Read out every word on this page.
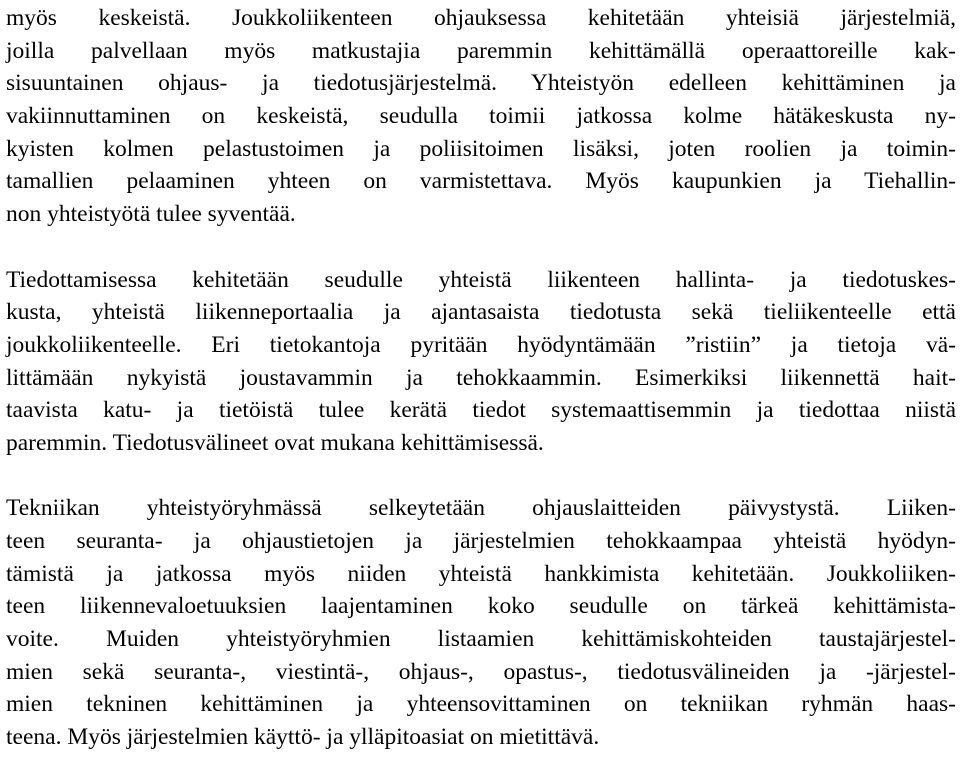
myös keskeistä. Joukkoliikenteen ohjauksessa kehitetään yhteisiä järjestelmiä,
joilla palvellaan myös matkustajia paremmin kehittämällä operaattoreille kak-
sisuuntainen ohjaus- ja tiedotusjärjestelmä. Yhteistyön edelleen kehittäminen ja
vakiinnuttaminen on keskeistä, seudulla toimii jatkossa kolme hätäkeskusta ny-
kyisten kolmen pelastustoimen ja poliisitoimen lisäksi, joten roolien ja toimin-
tamallien pelaaminen yhteen on varmistettava. Myös kaupunkien ja Tiehallin-
non yhteistyötä tulee syventää.
Tiedottamisessa kehitetään seudulle yhteistä liikenteen hallinta- ja tiedotuskes-
kusta, yhteistä liikenneportaalia ja ajantasaista tiedotusta sekä tieliikenteelle että
joukkoliikenteelle. Eri tietokantoja pyritään hyödyntämään ”ristiin” ja tietoja vä-
littämään nykyistä joustavammin ja tehokkaammin. Esimerkiksi liikennettä hait-
taavista katu- ja tietöistä tulee kerätä tiedot systemaattisemmin ja tiedottaa niistä
paremmin. Tiedotusvälineet ovat mukana kehittämisessä.
Tekniikan yhteistyöryhmässä selkeytetään ohjauslaitteiden päivystystä. Liiken-
teen seuranta- ja ohjaustietojen ja järjestelmien tehokkaampaa yhteistä hyödyn-
tämistä ja jatkossa myös niiden yhteistä hankkimista kehitetään. Joukkoliiken-
teen liikennevaloetuuksien laajentaminen koko seudulle on tärkeä kehittämista-
voite. Muiden yhteistyöryhmien listaamien kehittämiskohteiden taustajärjestel-
mien sekä seuranta-, viestintä-, ohjaus-, opastus-, tiedotusvälineiden ja -järjestel-
mien tekninen kehittäminen ja yhteensovittaminen on tekniikan ryhmän haas-
teena. Myös järjestelmien käyttö- ja ylläpitoasiat on mietittävä.
